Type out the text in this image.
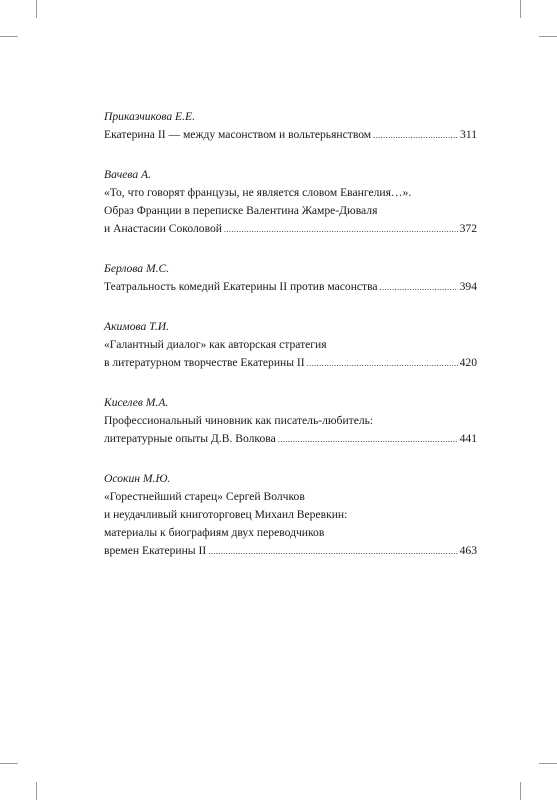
Приказчикова Е.Е.
Екатерина II — между масонством и вольтерьянством .....	311
Вачева А.
«То, что говорят французы, не является словом Евангелия…».
Образ Франции в переписке Валентина Жамре-Дюваля
и Анастасии Соколовой .....	372
Берлова М.С.
Театральность комедий Екатерины II против масонства .....	394
Акимова Т.И.
«Галантный диалог» как авторская стратегия
в литературном творчестве Екатерины II .....	420
Киселев М.А.
Профессиональный чиновник как писатель-любитель:
литературные опыты Д.В. Волкова .....	441
Осокин М.Ю.
«Горестнейший старец» Сергей Волчков
и неудачливый книготорговец Михаил Веревкин:
материалы к биографиям двух переводчиков
времен Екатерины II .....	463
